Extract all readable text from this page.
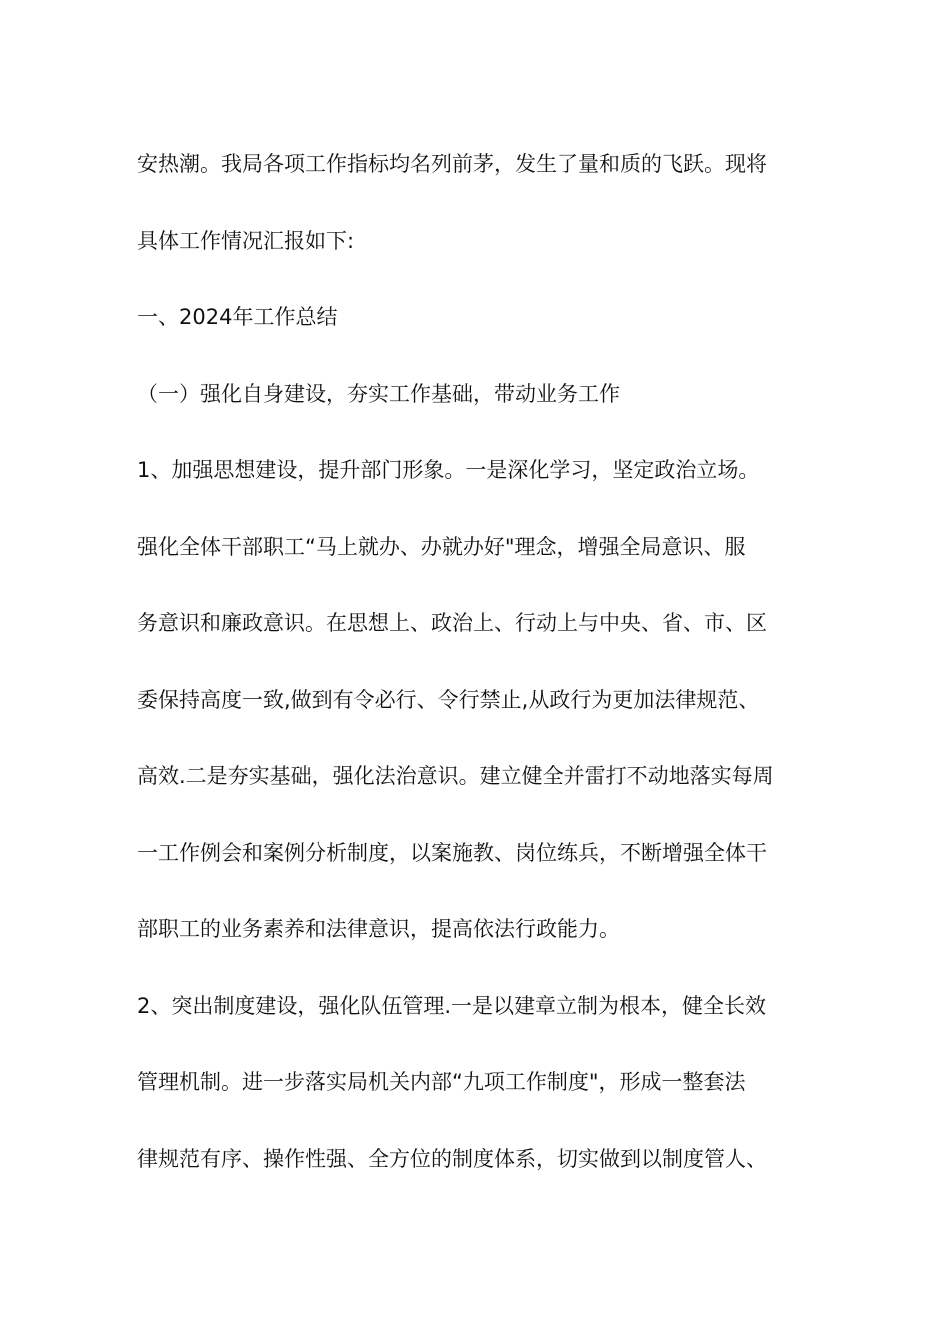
安热潮。我局各项工作指标均名列前茅，发生了量和质的飞跃。现将
具体工作情况汇报如下:
一、2024年工作总结
（一）强化自身建设，夯实工作基础，带动业务工作
1、加强思想建设，提升部门形象。一是深化学习，坚定政治立场。
强化全体干部职工“马上就办、办就办好"理念，增强全局意识、服
务意识和廉政意识。在思想上、政治上、行动上与中央、省、市、区
委保持高度一致,做到有令必行、令行禁止,从政行为更加法律规范、
高效.二是夯实基础，强化法治意识。建立健全并雷打不动地落实每周
一工作例会和案例分析制度，以案施教、岗位练兵，不断增强全体干
部职工的业务素养和法律意识，提高依法行政能力。
2、突出制度建设，强化队伍管理.一是以建章立制为根本，健全长效
管理机制。进一步落实局机关内部“九项工作制度"，形成一整套法
律规范有序、操作性强、全方位的制度体系，切实做到以制度管人、
